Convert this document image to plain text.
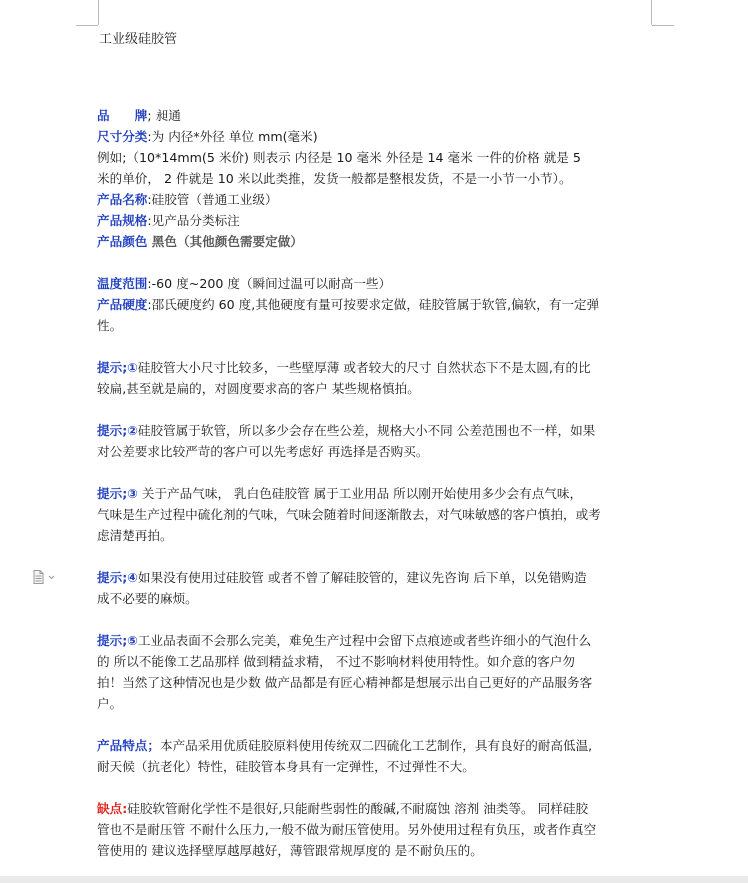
工业级硅胶管

品　　牌; 昶通

尺寸分类:为 内径*外径 单位 mm(毫米)

例如;（10*14mm(5 米价) 则表示 内径是 10 毫米 外径是 14 毫米 一件的价格 就是 5

米的单价， 2 件就是 10 米以此类推，发货一般都是整根发货，不是一小节一小节）。

产品名称:硅胶管（普通工业级）

产品规格:见产品分类标注

产品颜色 黑色（其他颜色需要定做）

温度范围:-60 度~200 度（瞬间过温可以耐高一些）

产品硬度:邵氏硬度约 60 度,其他硬度有量可按要求定做，硅胶管属于软管,偏软，有一定弹

性。

提示;①硅胶管大小尺寸比较多，一些壁厚薄 或者较大的尺寸 自然状态下不是太圆,有的比

较扁,甚至就是扁的，对圆度要求高的客户 某些规格慎拍。

提示;②硅胶管属于软管，所以多少会存在些公差，规格大小不同 公差范围也不一样，如果

对公差要求比较严苛的客户可以先考虑好 再选择是否购买。

提示;③ 关于产品气味， 乳白色硅胶管 属于工业用品 所以刚开始使用多少会有点气味，

气味是生产过程中硫化剂的气味，气味会随着时间逐渐散去，对气味敏感的客户慎拍，或考

虑清楚再拍。

提示;④如果没有使用过硅胶管 或者不曾了解硅胶管的，建议先咨询 后下单，以免错购造

成不必要的麻烦。

提示;⑤工业品表面不会那么完美，难免生产过程中会留下点痕迹或者些许细小的气泡什么

的 所以不能像工艺品那样 做到精益求精， 不过不影响材料使用特性。如介意的客户勿

拍！当然了这种情况也是少数 做产品都是有匠心精神都是想展示出自己更好的产品服务客

户。

产品特点；本产品采用优质硅胶原料使用传统双二四硫化工艺制作，具有良好的耐高低温,

耐天候（抗老化）特性，硅胶管本身具有一定弹性，不过弹性不大。

缺点:硅胶软管耐化学性不是很好,只能耐些弱性的酸碱,不耐腐蚀 溶剂 油类等。 同样硅胶

管也不是耐压管 不耐什么压力,一般不做为耐压管使用。另外使用过程有负压，或者作真空

管使用的 建议选择壁厚越厚越好，薄管跟常规厚度的 是不耐负压的。
